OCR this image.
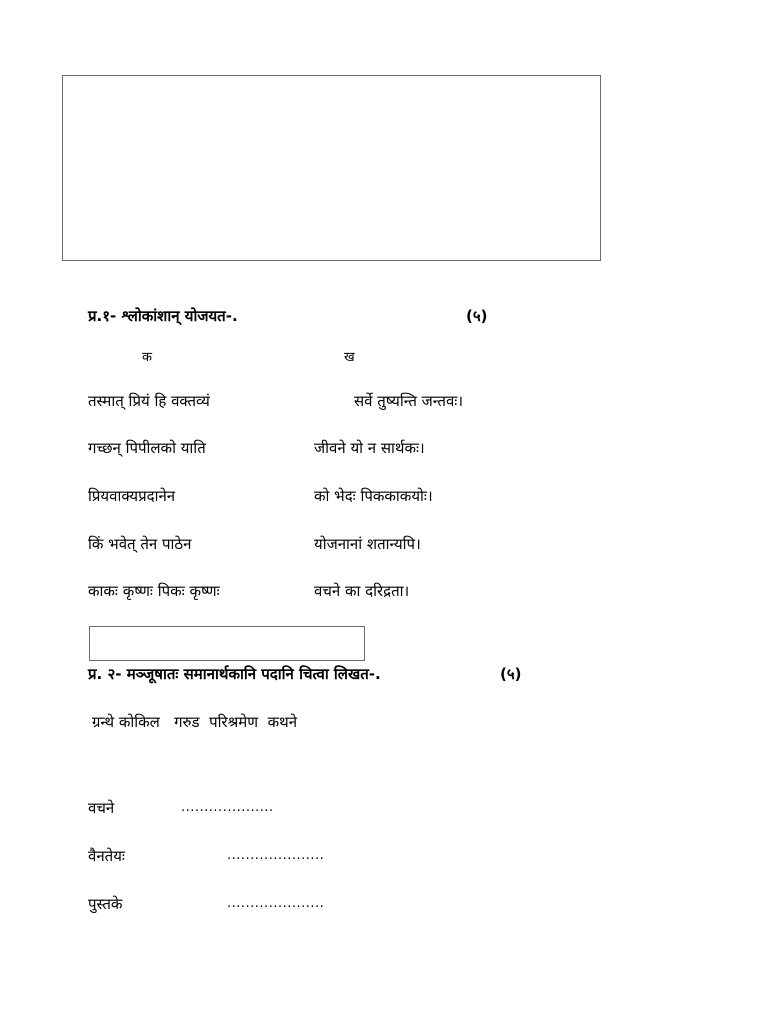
प्र.१- श्लोकांशान् योजयत-.	(५)
क	ख
तस्मात् प्रियं हि वक्तव्यं	सर्वे तुष्यन्ति जन्तवः।
गच्छन् पिपीलको याति	जीवने यो न सार्थकः।
प्रियवाक्यप्रदानेन	को भेदः पिककाकयोः।
किं भवेत् तेन पाठेन	योजनानां शतान्यपि।
काकः कृष्णः पिकः कृष्णः	वचने का दरिद्रता।
प्र. २- मञ्जूषातः समानार्थकानि पदानि चित्वा लिखत-.	(५)
ग्रन्थे कोकिल   गरुड  परिश्रमेण  कथने
वचने	....................
वैनतेयः	.....................
पुस्तके	.....................
